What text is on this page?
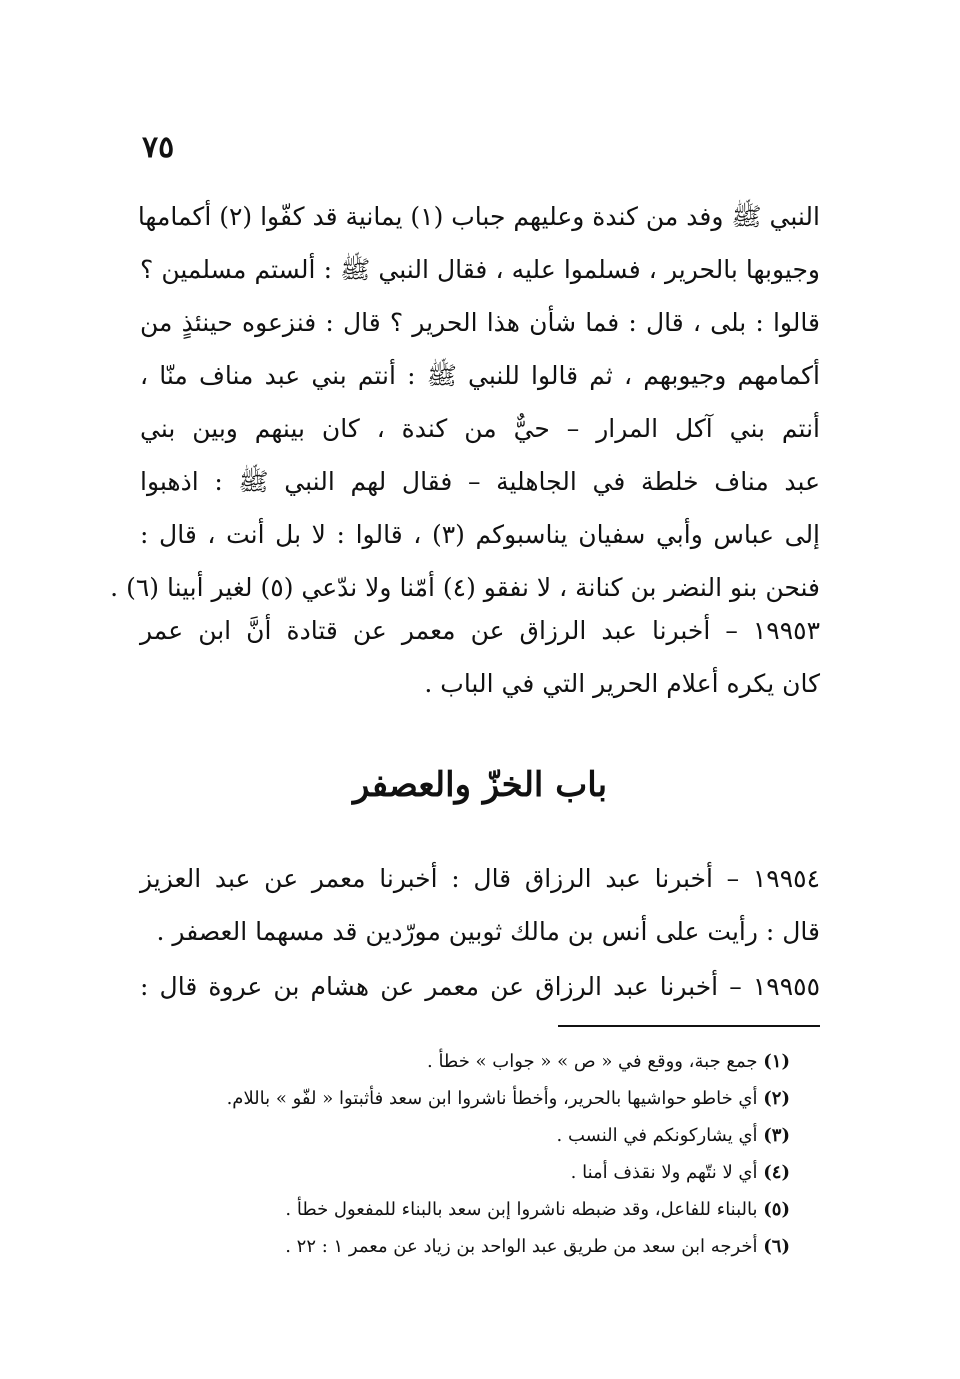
٧٥
النبي ﷺ وفد من كندة وعليهم جباب (١) يمانية قد كفّوا (٢) أكمامها
وجيوبها بالحرير ، فسلموا عليه ، فقال النبي ﷺ : ألستم مسلمين ؟
قالوا : بلى ، قال : فما شأن هذا الحرير ؟ قال : فنزعوه حينئذٍ من
أكمامهم وجيوبهم ، ثم قالوا للنبي ﷺ : أنتم بني عبد مناف منّا ،
أنتم بني آكل المرار – حيٌّ من كندة ، كان بينهم وبين بني
عبد مناف خلطة في الجاهلية – فقال لهم النبي ﷺ : اذهبوا
إلى عباس وأبي سفيان يناسبوكم (٣) ، قالوا : لا بل أنت ، قال :
فنحن بنو النضر بن كنانة ، لا نفقو (٤) أمّنا ولا ندّعي (٥) لغير أبينا (٦) .
١٩٩٥٣ – أخبرنا عبد الرزاق عن معمر عن قتادة أنَّ ابن عمر
كان يكره أعلام الحرير التي في الباب .
باب الخزّ والعصفر
١٩٩٥٤ – أخبرنا عبد الرزاق قال : أخبرنا معمر عن عبد العزيز
قال : رأيت على أنس بن مالك ثوبين مورّدين قد مسهما العصفر .
١٩٩٥٥ – أخبرنا عبد الرزاق عن معمر عن هشام بن عروة قال :
(١) جمع جبة، ووقع في « ص » « جواب » خطأ .
(٢) أي خاطو حواشيها بالحرير، وأخطأ ناشروا ابن سعد فأثبتوا « لفّو » باللام.
(٣) أي يشاركونكم في النسب .
(٤) أي لا نتّهم ولا نقذف أمنا .
(٥) بالبناء للفاعل، وقد ضبطه ناشروا إبن سعد بالبناء للمفعول خطأ .
(٦) أخرجه ابن سعد من طريق عبد الواحد بن زياد عن معمر ١ : ٢٢ .
